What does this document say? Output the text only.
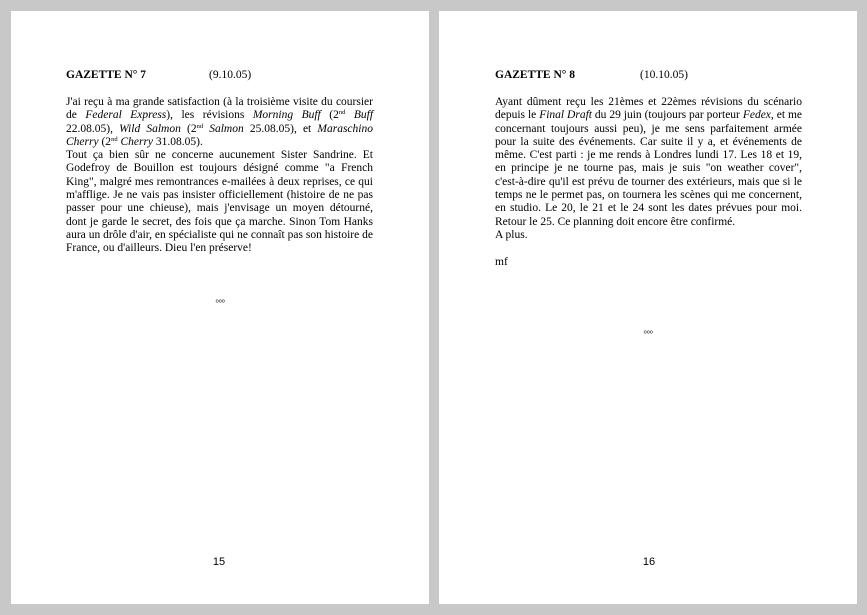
GAZETTE N° 7	(9.10.05)

J'ai reçu à ma grande satisfaction (à la troisième visite du coursier de Federal Express), les révisions Morning Buff (2nd Buff 22.08.05), Wild Salmon (2nd Salmon 25.08.05), et Maraschino Cherry (2nd Cherry 31.08.05).

Tout ça bien sûr ne concerne aucunement Sister Sandrine. Et Godefroy de Bouillon est toujours désigné comme "a French King", malgré mes remontrances e-mailées à deux reprises, ce qui m'afflige. Je ne vais pas insister officiellement (histoire de ne pas passer pour une chieuse), mais j'envisage un moyen détourné, dont je garde le secret, des fois que ça marche. Sinon Tom Hanks aura un drôle d'air, en spécialiste qui ne connaît pas son histoire de France, ou d'ailleurs. Dieu l'en préserve!

°°°
15
GAZETTE N° 8	(10.10.05)

Ayant dûment reçu les 21èmes et 22èmes révisions du scénario depuis le Final Draft du 29 juin (toujours par porteur Fedex, et me concernant toujours aussi peu), je me sens parfaitement armée pour la suite des événements. Car suite il y a, et événements de même. C'est parti : je me rends à Londres lundi 17. Les 18 et 19, en principe je ne tourne pas, mais je suis "on weather cover", c'est-à-dire qu'il est prévu de tourner des extérieurs, mais que si le temps ne le permet pas, on tournera les scènes qui me concernent, en studio. Le 20, le 21 et le 24 sont les dates prévues pour moi. Retour le 25. Ce planning doit encore être confirmé.

A plus.

mf

°°°
16
